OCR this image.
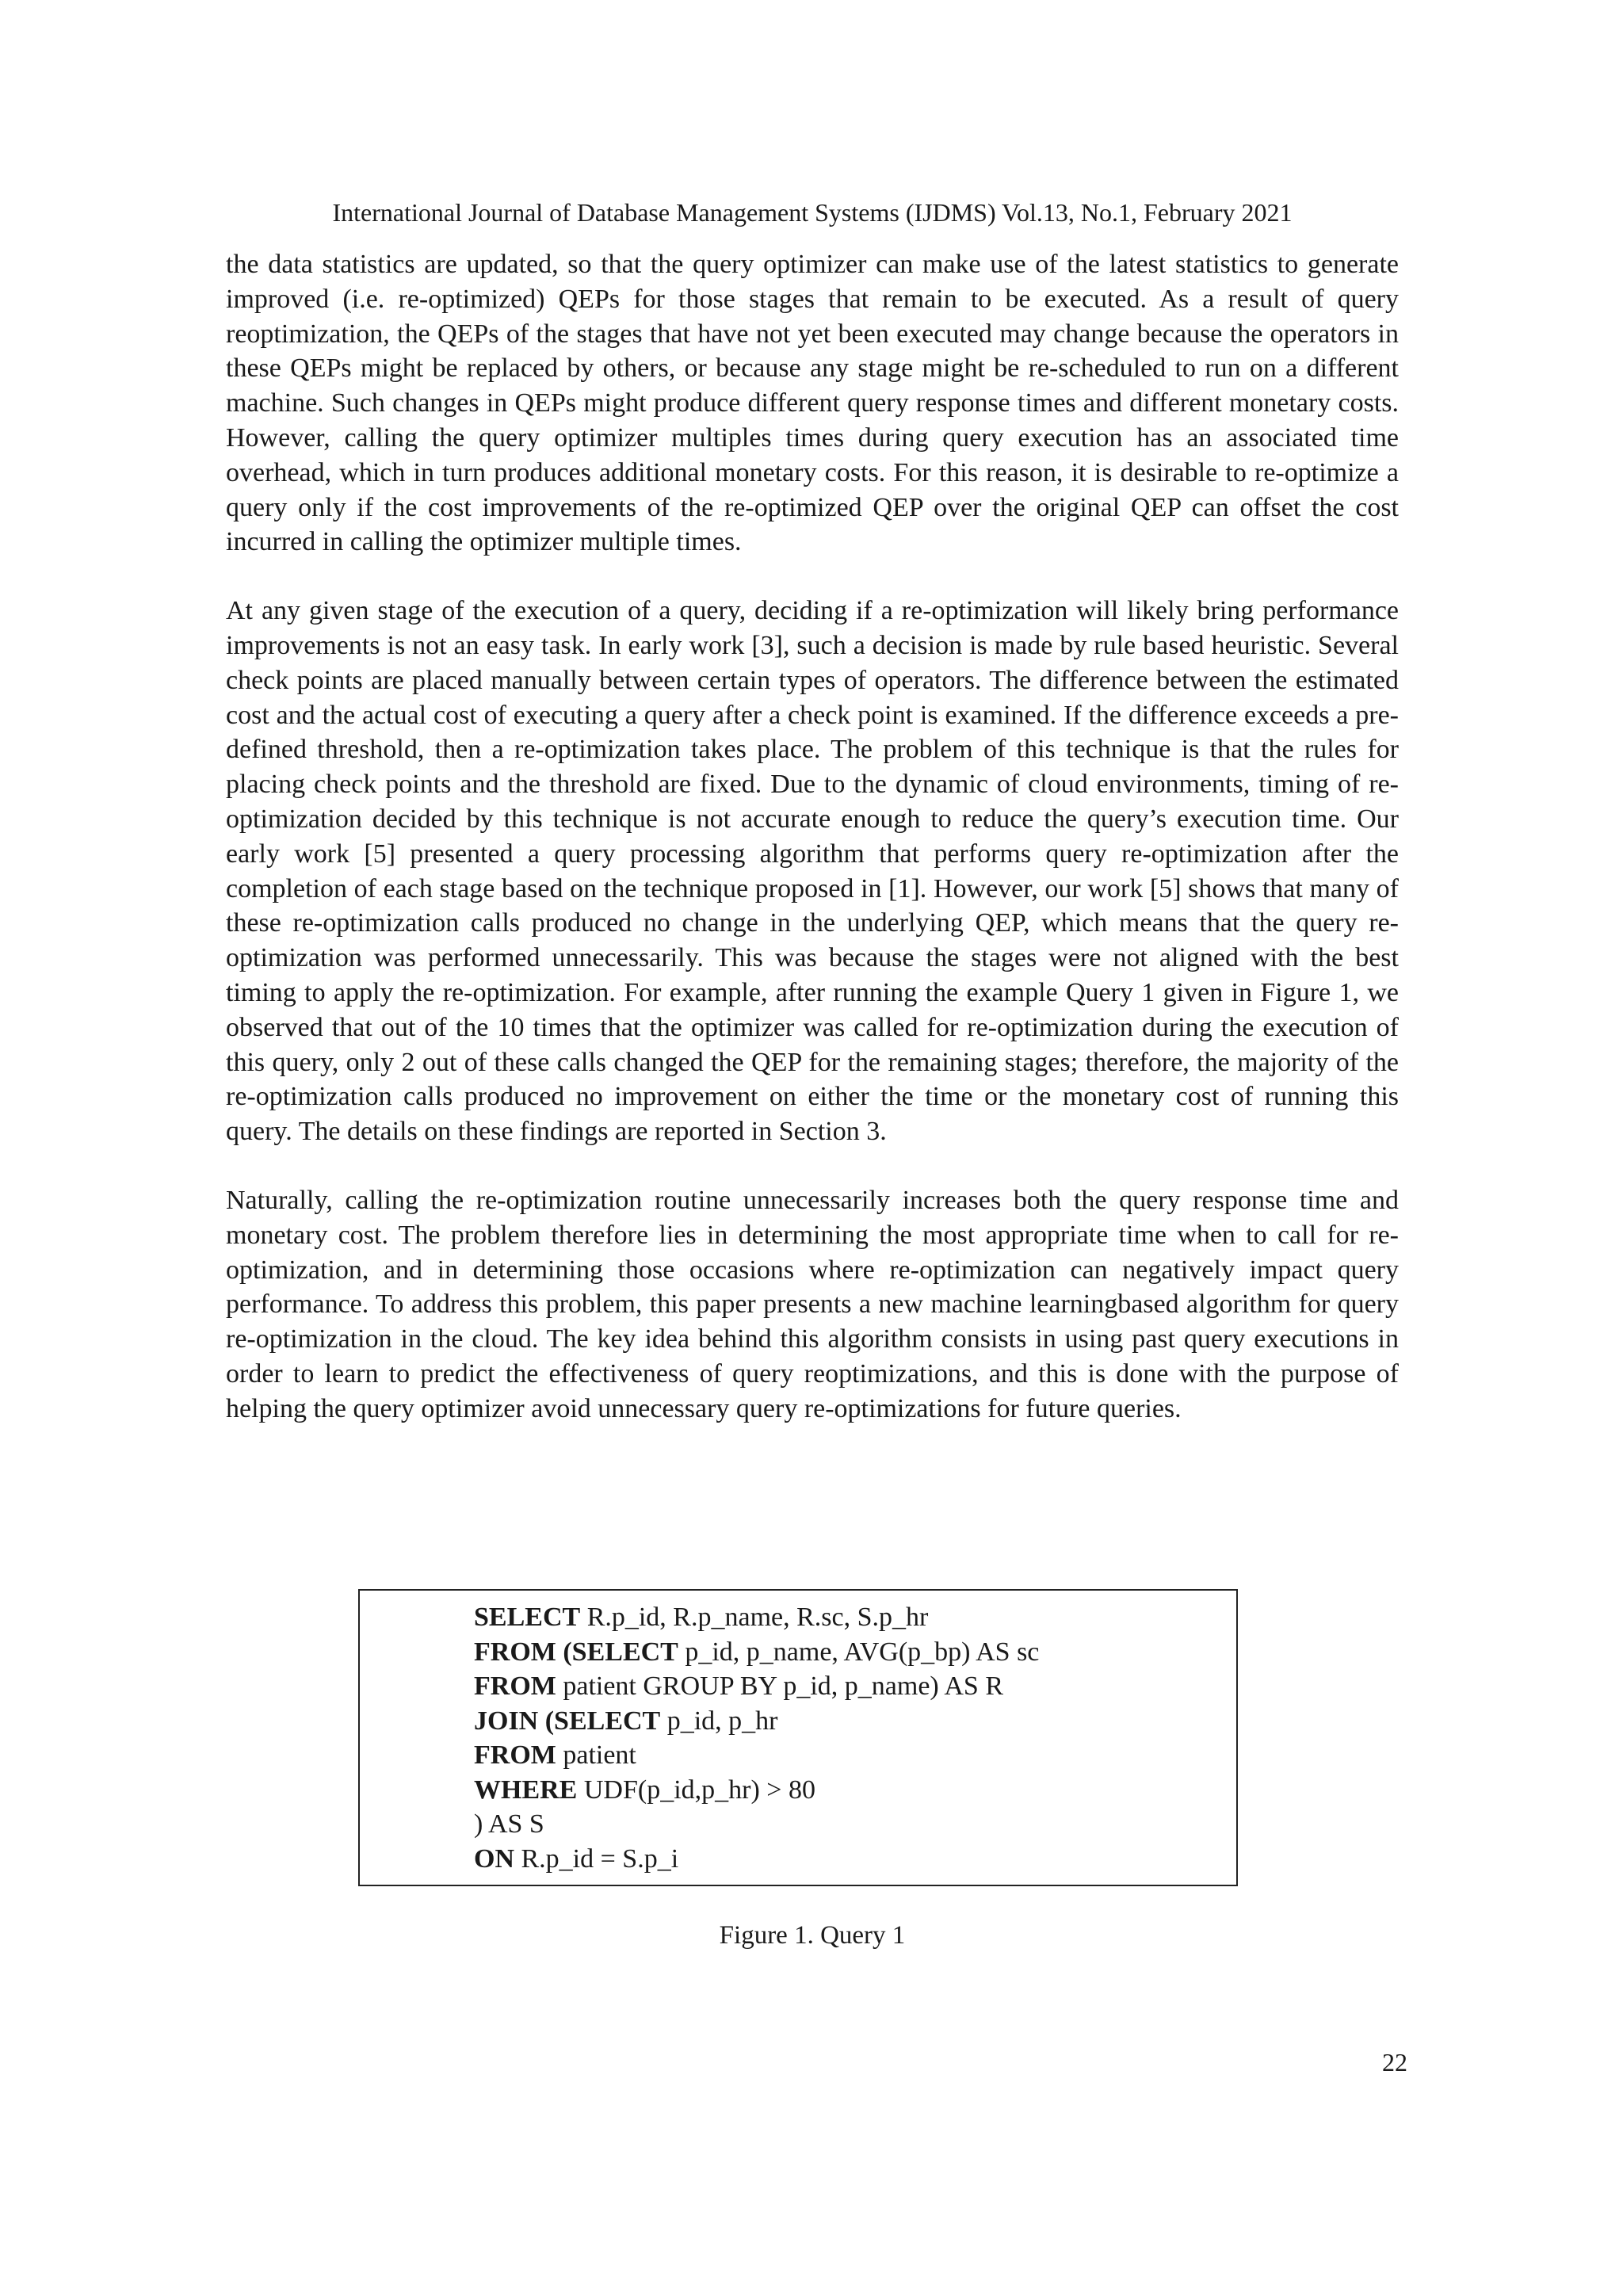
International Journal of Database Management Systems (IJDMS) Vol.13, No.1, February 2021

the data statistics are updated, so that the query optimizer can make use of the latest statistics to generate improved (i.e. re-optimized) QEPs for those stages that remain to be executed. As a result of query reoptimization, the QEPs of the stages that have not yet been executed may change because the operators in these QEPs might be replaced by others, or because any stage might be re-scheduled to run on a different machine. Such changes in QEPs might produce different query response times and different monetary costs. However, calling the query optimizer multiples times during query execution has an associated time overhead, which in turn produces additional monetary costs. For this reason, it is desirable to re-optimize a query only if the cost improvements of the re-optimized QEP over the original QEP can offset the cost incurred in calling the optimizer multiple times.

At any given stage of the execution of a query, deciding if a re-optimization will likely bring performance improvements is not an easy task. In early work [3], such a decision is made by rule based heuristic. Several check points are placed manually between certain types of operators. The difference between the estimated cost and the actual cost of executing a query after a check point is examined. If the difference exceeds a pre-defined threshold, then a re-optimization takes place. The problem of this technique is that the rules for placing check points and the threshold are fixed. Due to the dynamic of cloud environments, timing of re-optimization decided by this technique is not accurate enough to reduce the query’s execution time. Our early work [5] presented a query processing algorithm that performs query re-optimization after the completion of each stage based on the technique proposed in [1]. However, our work [5] shows that many of these re-optimization calls produced no change in the underlying QEP, which means that the query re-optimization was performed unnecessarily. This was because the stages were not aligned with the best timing to apply the re-optimization. For example, after running the example Query 1 given in Figure 1, we observed that out of the 10 times that the optimizer was called for re-optimization during the execution of this query, only 2 out of these calls changed the QEP for the remaining stages; therefore, the majority of the re-optimization calls produced no improvement on either the time or the monetary cost of running this query. The details on these findings are reported in Section 3.

Naturally, calling the re-optimization routine unnecessarily increases both the query response time and monetary cost. The problem therefore lies in determining the most appropriate time when to call for re-optimization, and in determining those occasions where re-optimization can negatively impact query performance. To address this problem, this paper presents a new machine learningbased algorithm for query re-optimization in the cloud. The key idea behind this algorithm consists in using past query executions in order to learn to predict the effectiveness of query reoptimizations, and this is done with the purpose of helping the query optimizer avoid unnecessary query re-optimizations for future queries.

SELECT R.p_id, R.p_name, R.sc, S.p_hr
FROM (SELECT p_id, p_name, AVG(p_bp) AS sc
FROM patient GROUP BY p_id, p_name) AS R
JOIN (SELECT p_id, p_hr
FROM patient
WHERE UDF(p_id,p_hr) > 80
) AS S
ON R.p_id = S.p_i
Figure 1. Query 1
22
